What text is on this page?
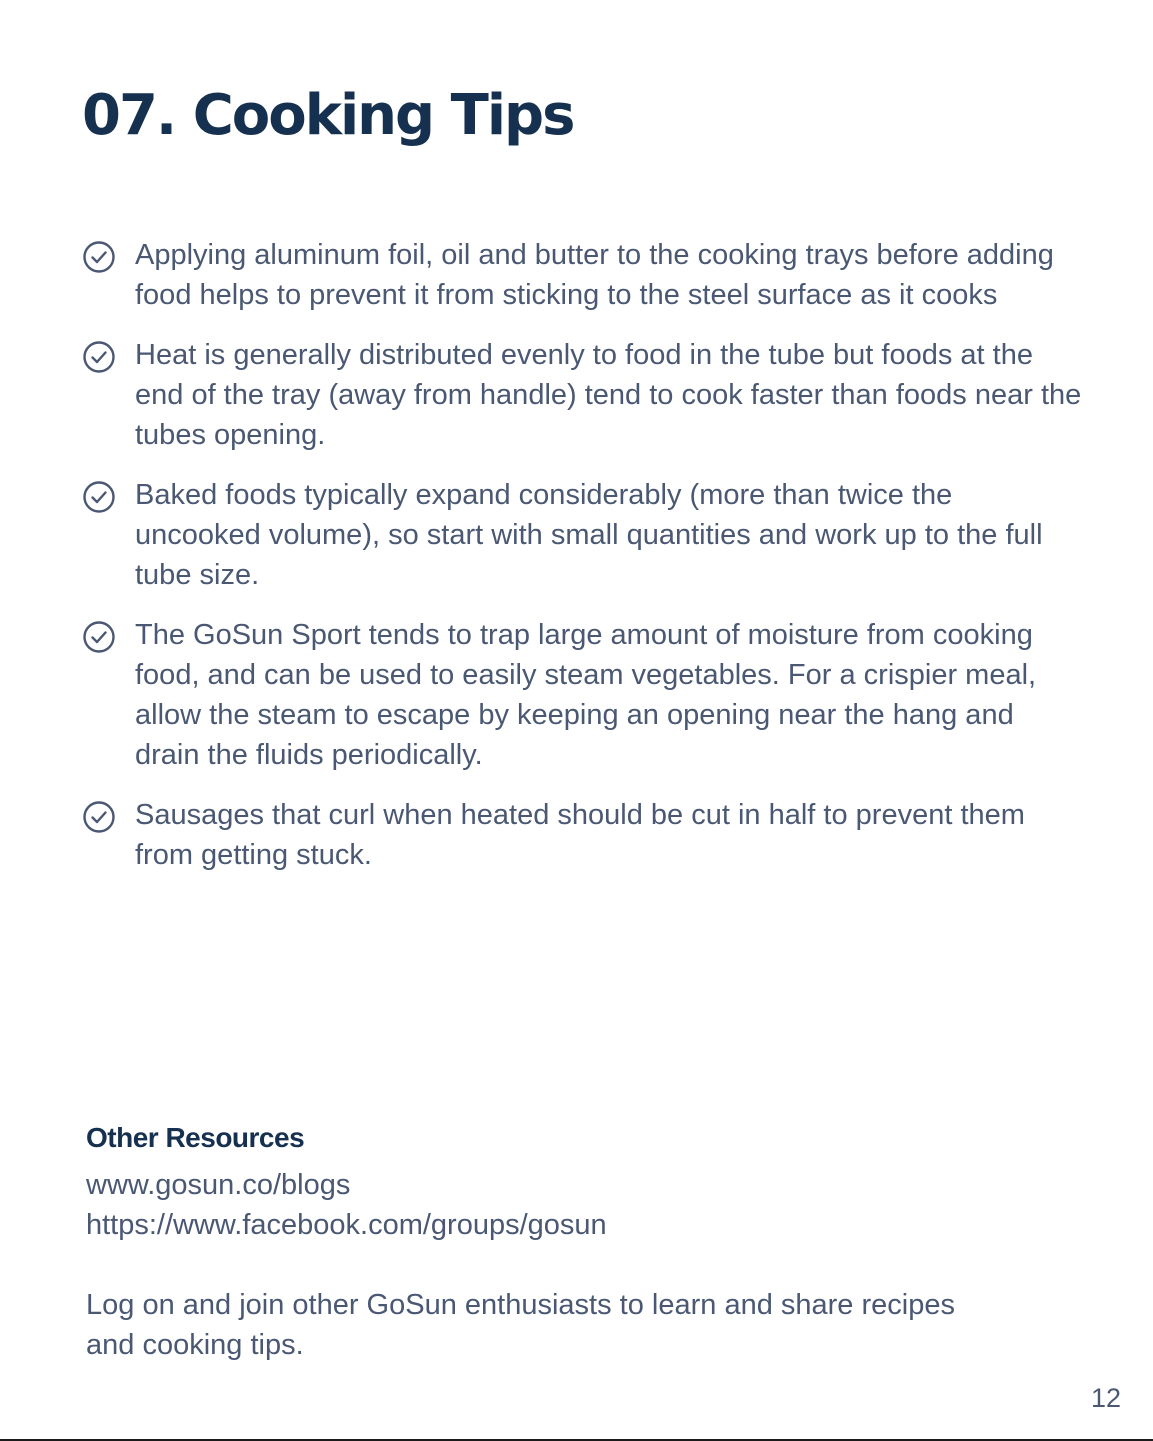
07. Cooking Tips
Applying aluminum foil, oil and butter to the cooking trays before adding food helps to prevent it from sticking to the steel surface as it cooks
Heat is generally distributed evenly to food in the tube but foods at the end of the tray (away from handle) tend to cook faster than foods near the tubes opening.
Baked foods typically expand considerably (more than twice the uncooked volume), so start with small quantities and work up to the full tube size.
The GoSun Sport tends to trap large amount of moisture from cooking food, and can be used to easily steam vegetables. For a crispier meal, allow the steam to escape by keeping an opening near the hang and drain the fluids periodically.
Sausages that curl when heated should be cut in half to prevent them from getting stuck.
Other Resources
www.gosun.co/blogs
https://www.facebook.com/groups/gosun

Log on and join other GoSun enthusiasts to learn and share recipes and cooking tips.

12
